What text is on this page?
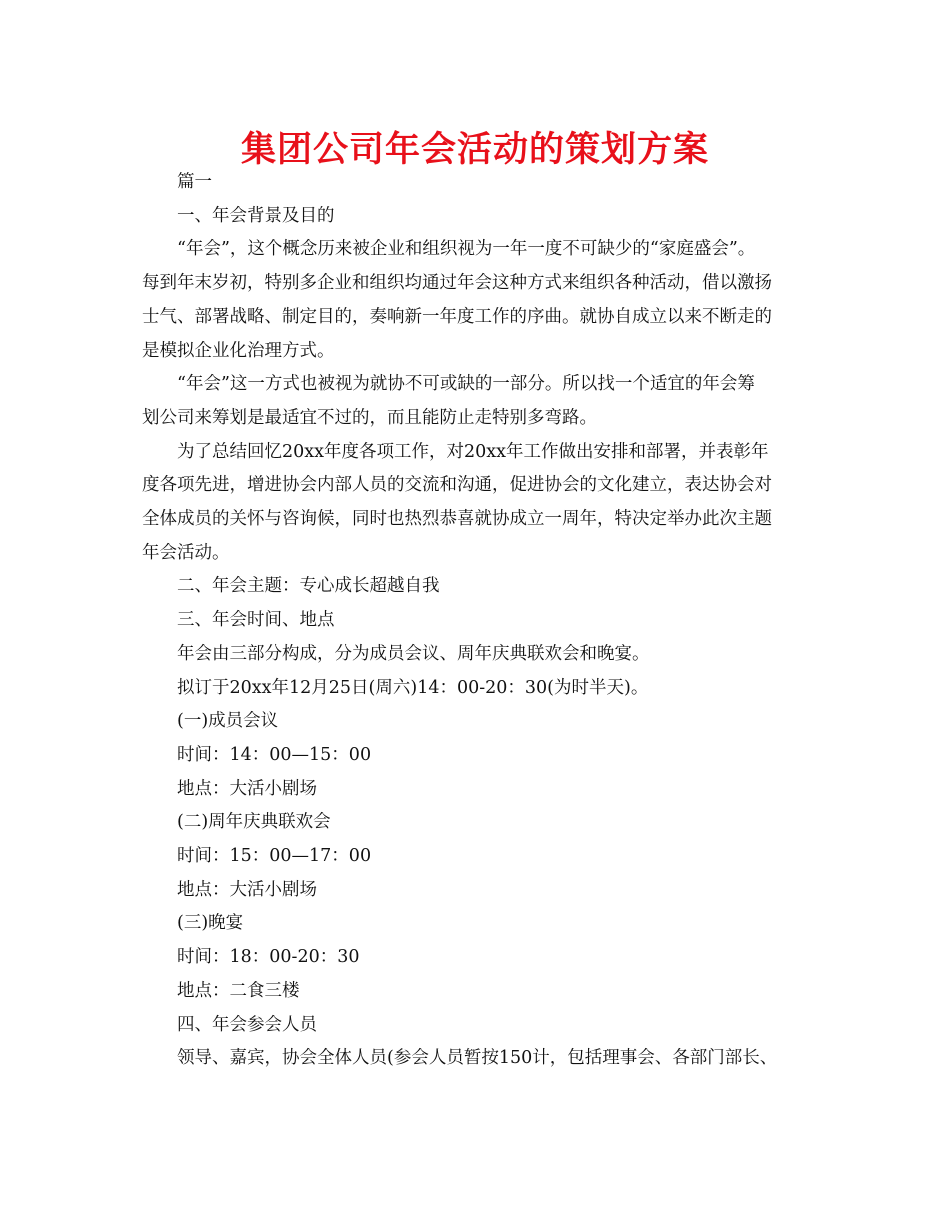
集团公司年会活动的策划方案

篇一

一、年会背景及目的

“年会”，这个概念历来被企业和组织视为一年一度不可缺少的“家庭盛会”。

每到年末岁初，特别多企业和组织均通过年会这种方式来组织各种活动，借以激扬

士气、部署战略、制定目的，奏响新一年度工作的序曲。就协自成立以来不断走的

是模拟企业化治理方式。

“年会”这一方式也被视为就协不可或缺的一部分。所以找一个适宜的年会筹

划公司来筹划是最适宜不过的，而且能防止走特别多弯路。

为了总结回忆20xx年度各项工作，对20xx年工作做出安排和部署，并表彰年

度各项先进，增进协会内部人员的交流和沟通，促进协会的文化建立，表达协会对

全体成员的关怀与咨询候，同时也热烈恭喜就协成立一周年，特决定举办此次主题

年会活动。

二、年会主题：专心成长超越自我

三、年会时间、地点

年会由三部分构成，分为成员会议、周年庆典联欢会和晚宴。

拟订于20xx年12月25日(周六)14：00-20：30(为时半天)。

(一)成员会议

时间：14：00—15：00

地点：大活小剧场

(二)周年庆典联欢会

时间：15：00—17：00

地点：大活小剧场

(三)晚宴

时间：18：00-20：30

地点：二食三楼

四、年会参会人员

领导、嘉宾，协会全体人员(参会人员暂按150计，包括理事会、各部门部长、
